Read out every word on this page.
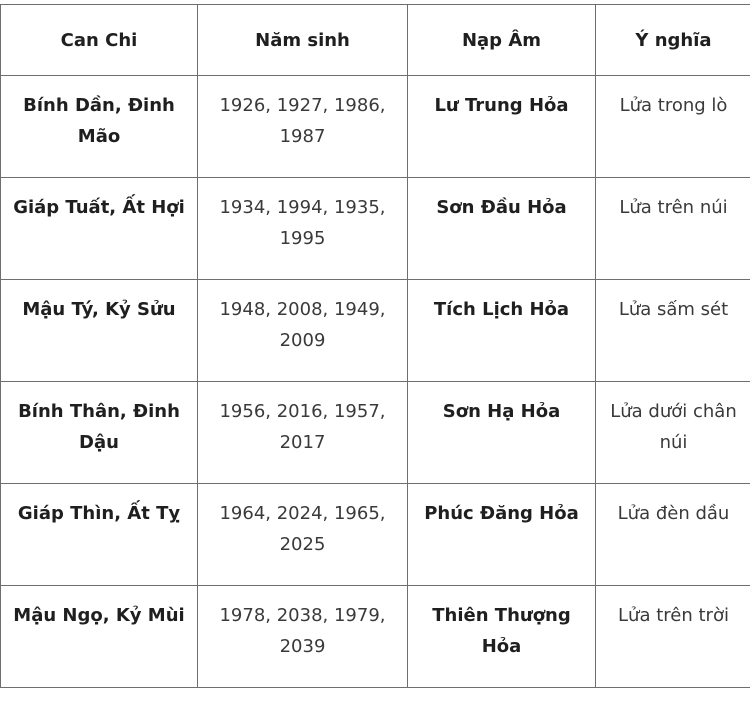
Can Chi	Năm sinh	Nạp Âm	Ý nghĩa
Bính Dần, Đinh Mão	1926, 1927, 1986, 1987	Lư Trung Hỏa	Lửa trong lò
Giáp Tuất, Ất Hợi	1934, 1994, 1935, 1995	Sơn Đầu Hỏa	Lửa trên núi
Mậu Tý, Kỷ Sửu	1948, 2008, 1949, 2009	Tích Lịch Hỏa	Lửa sấm sét
Bính Thân, Đinh Dậu	1956, 2016, 1957, 2017	Sơn Hạ Hỏa	Lửa dưới chân núi
Giáp Thìn, Ất Tỵ	1964, 2024, 1965, 2025	Phúc Đăng Hỏa	Lửa đèn dầu
Mậu Ngọ, Kỷ Mùi	1978, 2038, 1979, 2039	Thiên Thượng Hỏa	Lửa trên trời
